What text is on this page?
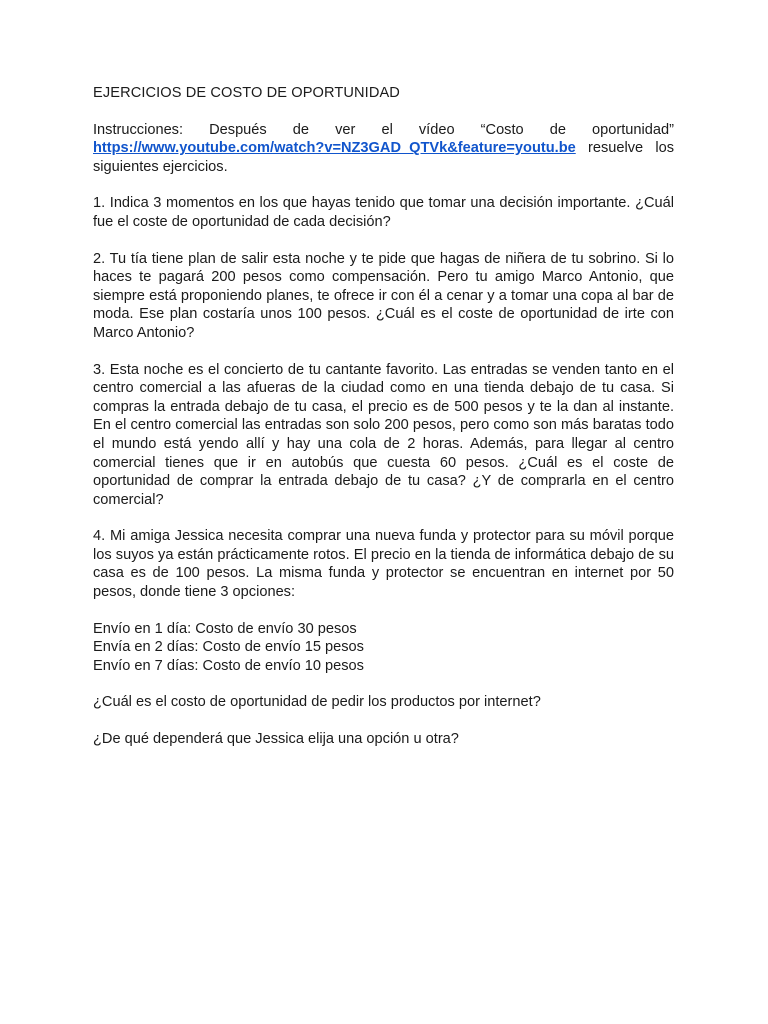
EJERCICIOS DE COSTO DE OPORTUNIDAD
Instrucciones: Después de ver el vídeo “Costo de oportunidad” https://www.youtube.com/watch?v=NZ3GAD_QTVk&feature=youtu.be resuelve los siguientes ejercicios.
1. Indica 3 momentos en los que hayas tenido que tomar una decisión importante. ¿Cuál fue el coste de oportunidad de cada decisión?
2. Tu tía tiene plan de salir esta noche y te pide que hagas de niñera de tu sobrino. Si lo haces te pagará 200 pesos como compensación. Pero tu amigo Marco Antonio, que siempre está proponiendo planes, te ofrece ir con él a cenar y a tomar una copa al bar de moda. Ese plan costaría unos 100 pesos. ¿Cuál es el coste de oportunidad de irte con Marco Antonio?
3. Esta noche es el concierto de tu cantante favorito. Las entradas se venden tanto en el centro comercial a las afueras de la ciudad como en una tienda debajo de tu casa. Si compras la entrada debajo de tu casa, el precio es de 500 pesos y te la dan al instante. En el centro comercial las entradas son solo 200 pesos, pero como son más baratas todo el mundo está yendo allí y hay una cola de 2 horas. Además, para llegar al centro comercial tienes que ir en autobús que cuesta 60 pesos. ¿Cuál es el coste de oportunidad de comprar la entrada debajo de tu casa? ¿Y de comprarla en el centro comercial?
4. Mi amiga Jessica necesita comprar una nueva funda y protector para su móvil porque los suyos ya están prácticamente rotos. El precio en la tienda de informática debajo de su casa es de 100 pesos. La misma funda y protector se encuentran en internet por 50 pesos, donde tiene 3 opciones:
Envío en 1 día: Costo de envío 30 pesos
Envía en 2 días: Costo de envío 15 pesos
Envío en 7 días: Costo de envío 10 pesos
¿Cuál es el costo de oportunidad de pedir los productos por internet?
¿De qué dependerá que Jessica elija una opción u otra?
